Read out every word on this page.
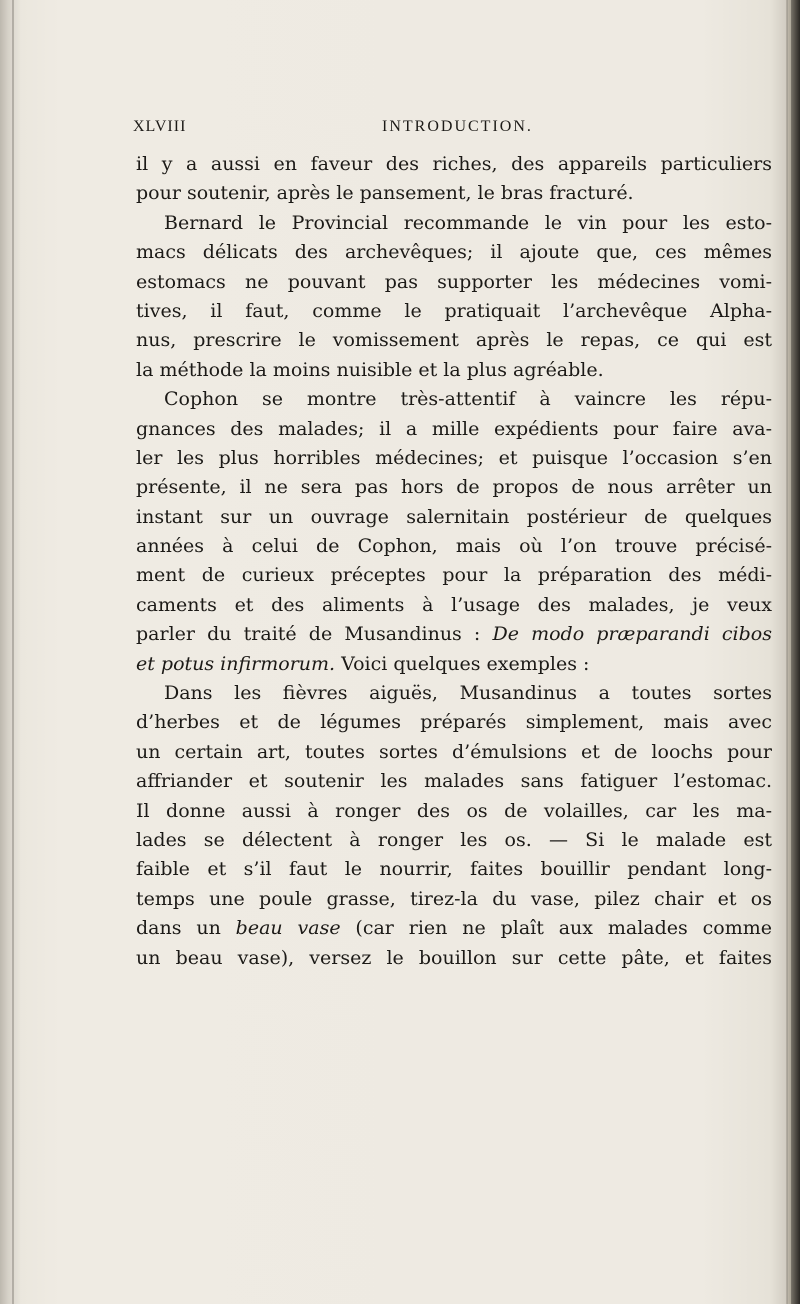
XLVIII	INTRODUCTION.
il y a aussi en faveur des riches, des appareils particuliers
pour soutenir, après le pansement, le bras fracturé.
Bernard le Provincial recommande le vin pour les esto-
macs délicats des archevêques; il ajoute que, ces mêmes
estomacs ne pouvant pas supporter les médecines vomi-
tives, il faut, comme le pratiquait l’archevêque Alpha-
nus, prescrire le vomissement après le repas, ce qui est
la méthode la moins nuisible et la plus agréable.
Cophon se montre très-attentif à vaincre les répu-
gnances des malades; il a mille expédients pour faire ava-
ler les plus horribles médecines; et puisque l’occasion s’en
présente, il ne sera pas hors de propos de nous arrêter un
instant sur un ouvrage salernitain postérieur de quelques
années à celui de Cophon, mais où l’on trouve précisé-
ment de curieux préceptes pour la préparation des médi-
caments et des aliments à l’usage des malades, je veux
parler du traité de Musandinus : De modo præparandi cibos
et potus infirmorum. Voici quelques exemples :
Dans les fièvres aiguës, Musandinus a toutes sortes
d’herbes et de légumes préparés simplement, mais avec
un certain art, toutes sortes d’émulsions et de loochs pour
affriander et soutenir les malades sans fatiguer l’estomac.
Il donne aussi à ronger des os de volailles, car les ma-
lades se délectent à ronger les os. — Si le malade est
faible et s’il faut le nourrir, faites bouillir pendant long-
temps une poule grasse, tirez-la du vase, pilez chair et os
dans un beau vase (car rien ne plaît aux malades comme
un beau vase), versez le bouillon sur cette pâte, et faites
